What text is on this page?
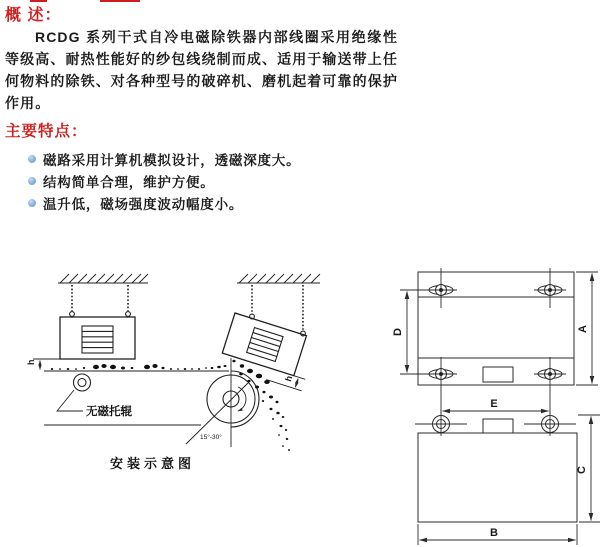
概 述：
RCDG 系列干式自冷电磁除铁器内部线圈采用绝缘性等级高、耐热性能好的纱包线绕制而成、适用于输送带上任何物料的除铁、对各种型号的破碎机、磨机起着可靠的保护作用。
主要特点：
磁路采用计算机模拟设计，透磁深度大。
结构简单合理，维护方便。
温升低，磁场强度波动幅度小。
h
15°-30°
h
无磁托辊
安装示意图
D	A
E
C
B
